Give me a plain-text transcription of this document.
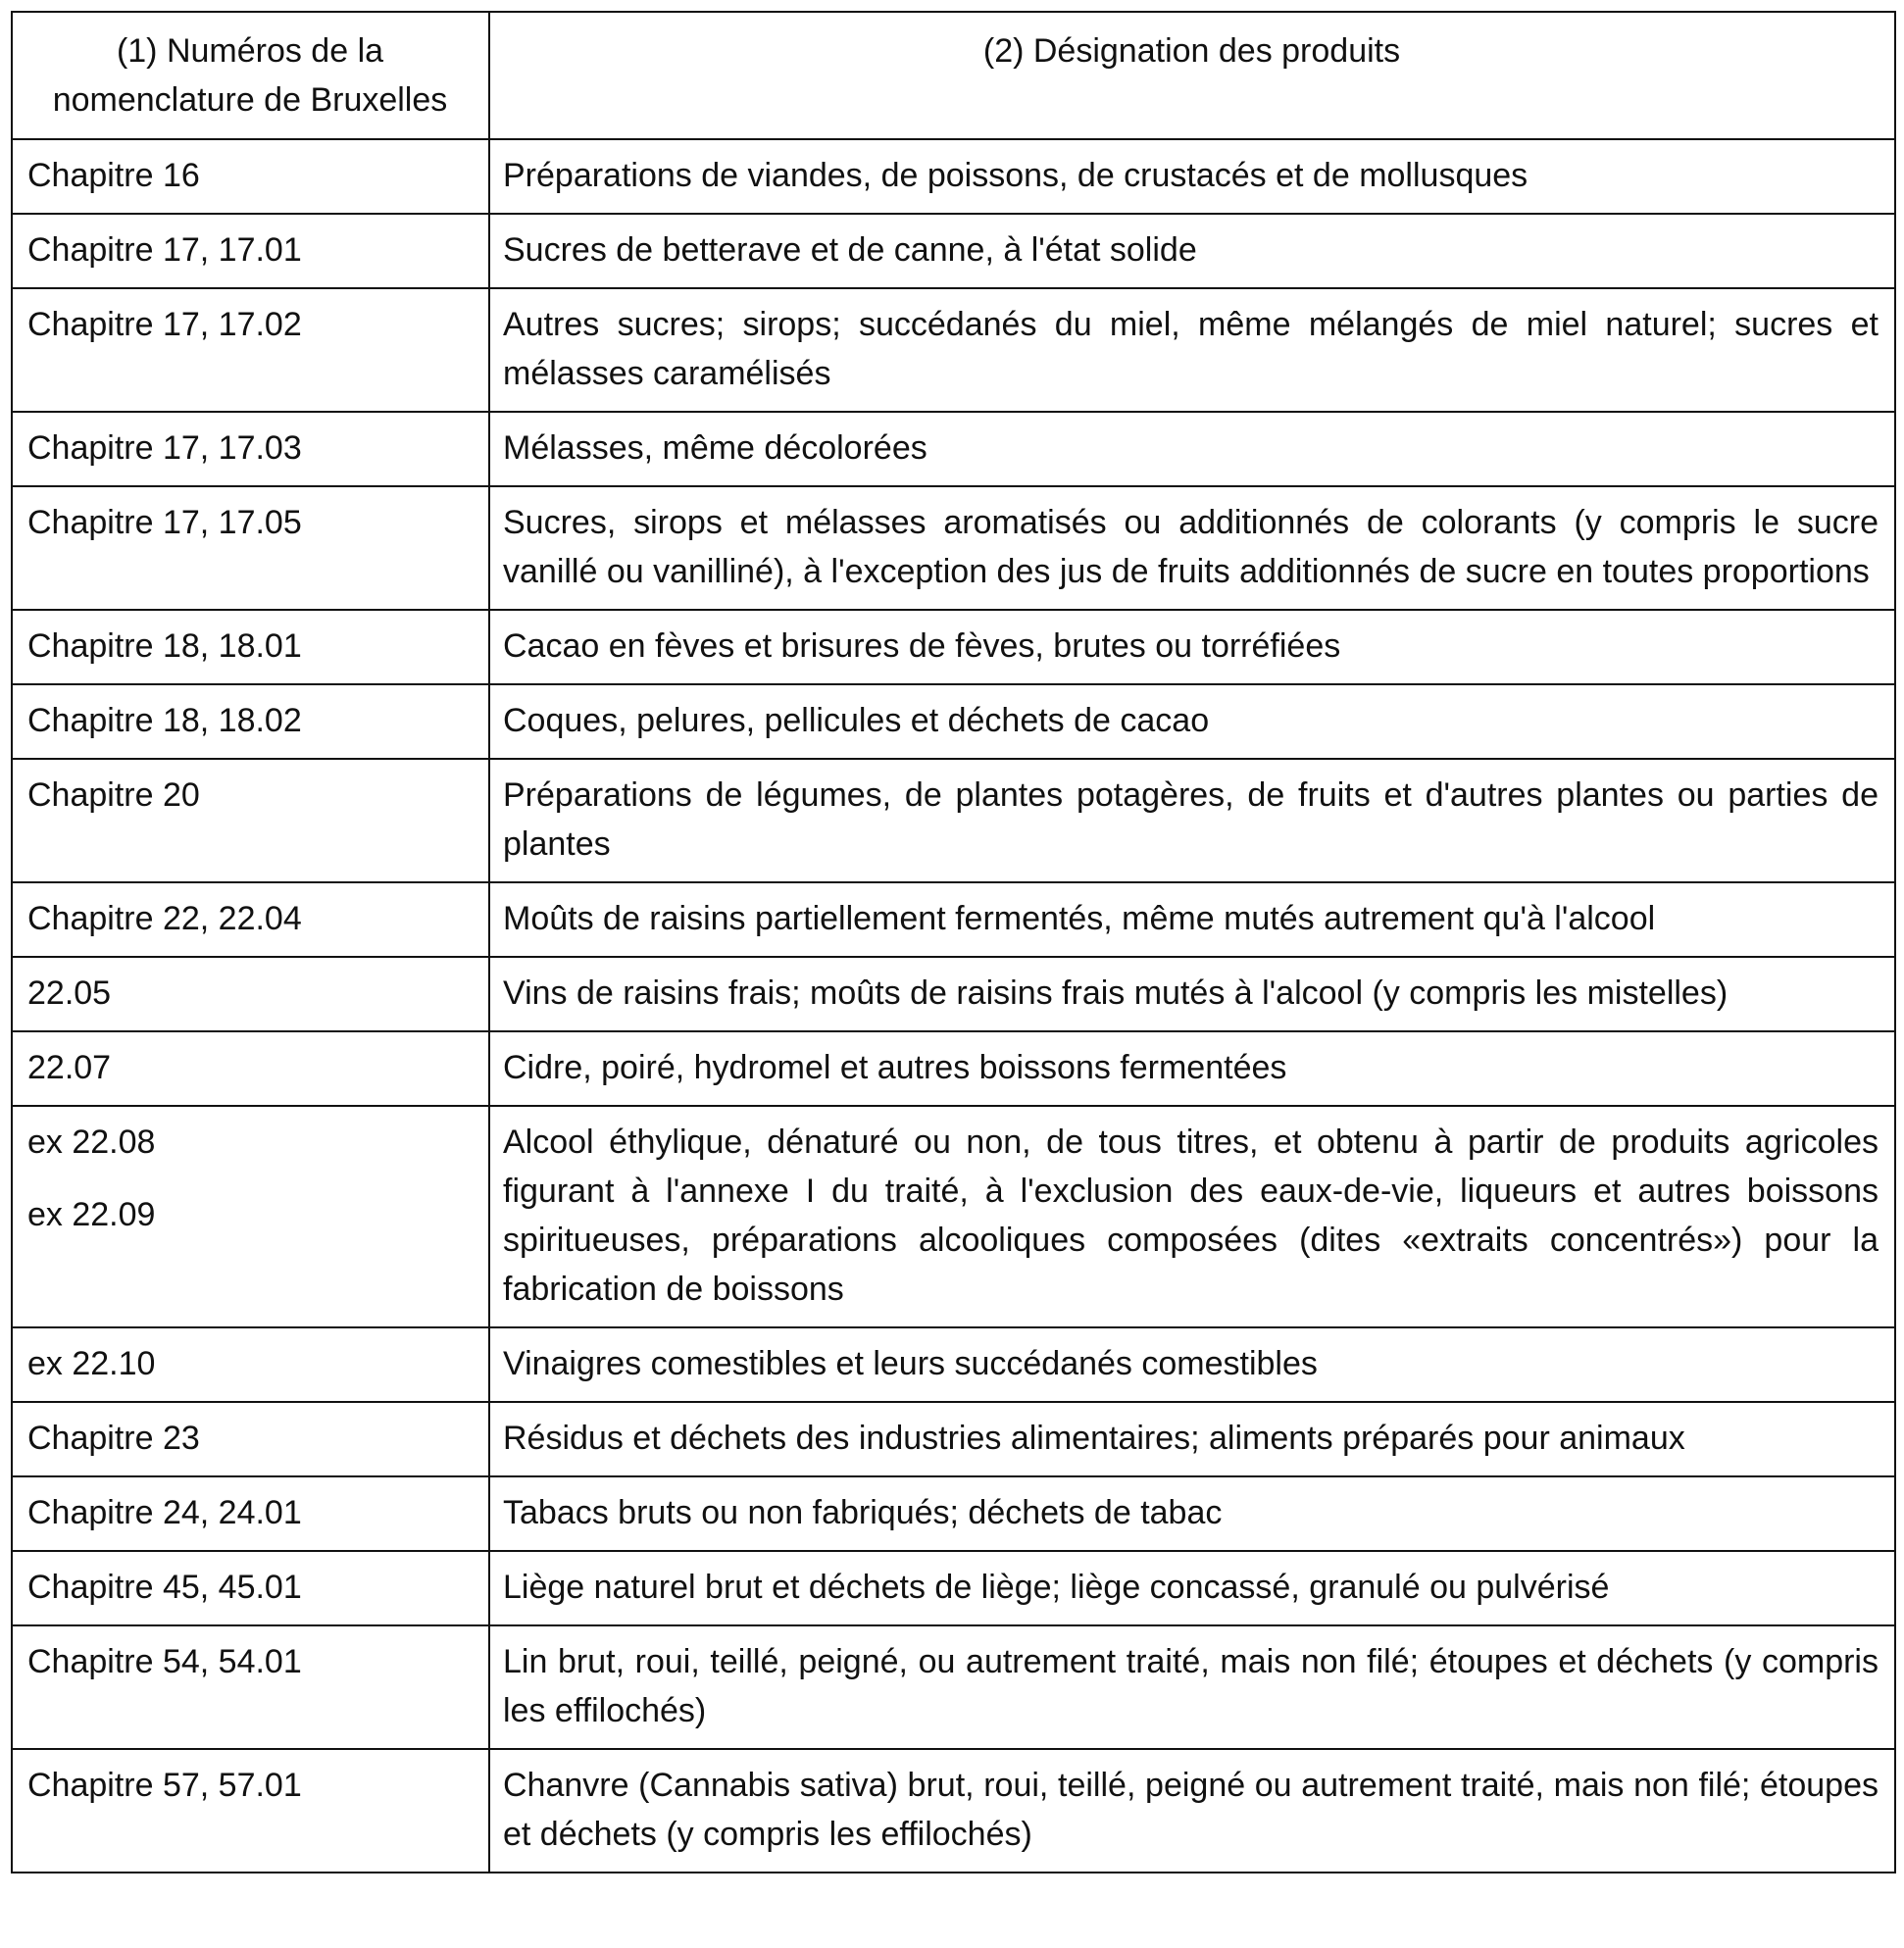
(1) Numéros de la nomenclature de Bruxelles	(2) Désignation des produits

Chapitre 16	Préparations de viandes, de poissons, de crustacés et de mollusques

Chapitre 17, 17.01	Sucres de betterave et de canne, à l'état solide

Chapitre 17, 17.02	Autres sucres; sirops; succédanés du miel, même mélangés de miel naturel; sucres et mélasses caramélisés

Chapitre 17, 17.03	Mélasses, même décolorées

Chapitre 17, 17.05	Sucres, sirops et mélasses aromatisés ou additionnés de colorants (y compris le sucre vanillé ou vanilliné), à l'exception des jus de fruits additionnés de sucre en toutes proportions

Chapitre 18, 18.01	Cacao en fèves et brisures de fèves, brutes ou torréfiées

Chapitre 18, 18.02	Coques, pelures, pellicules et déchets de cacao

Chapitre 20	Préparations de légumes, de plantes potagères, de fruits et d'autres plantes ou parties de plantes

Chapitre 22, 22.04	Moûts de raisins partiellement fermentés, même mutés autrement qu'à l'alcool

22.05	Vins de raisins frais; moûts de raisins frais mutés à l'alcool (y compris les mistelles)

22.07	Cidre, poiré, hydromel et autres boissons fermentées

ex 22.08
ex 22.09	Alcool éthylique, dénaturé ou non, de tous titres, et obtenu à partir de produits agricoles figurant à l'annexe I du traité, à l'exclusion des eaux-de-vie, liqueurs et autres boissons spiritueuses, préparations alcooliques composées (dites «extraits concentrés») pour la fabrication de boissons

ex 22.10	Vinaigres comestibles et leurs succédanés comestibles

Chapitre 23	Résidus et déchets des industries alimentaires; aliments préparés pour animaux

Chapitre 24, 24.01	Tabacs bruts ou non fabriqués; déchets de tabac

Chapitre 45, 45.01	Liège naturel brut et déchets de liège; liège concassé, granulé ou pulvérisé

Chapitre 54, 54.01	Lin brut, roui, teillé, peigné, ou autrement traité, mais non filé; étoupes et déchets (y compris les effilochés)

Chapitre 57, 57.01	Chanvre (Cannabis sativa) brut, roui, teillé, peigné ou autrement traité, mais non filé; étoupes et déchets (y compris les effilochés)
